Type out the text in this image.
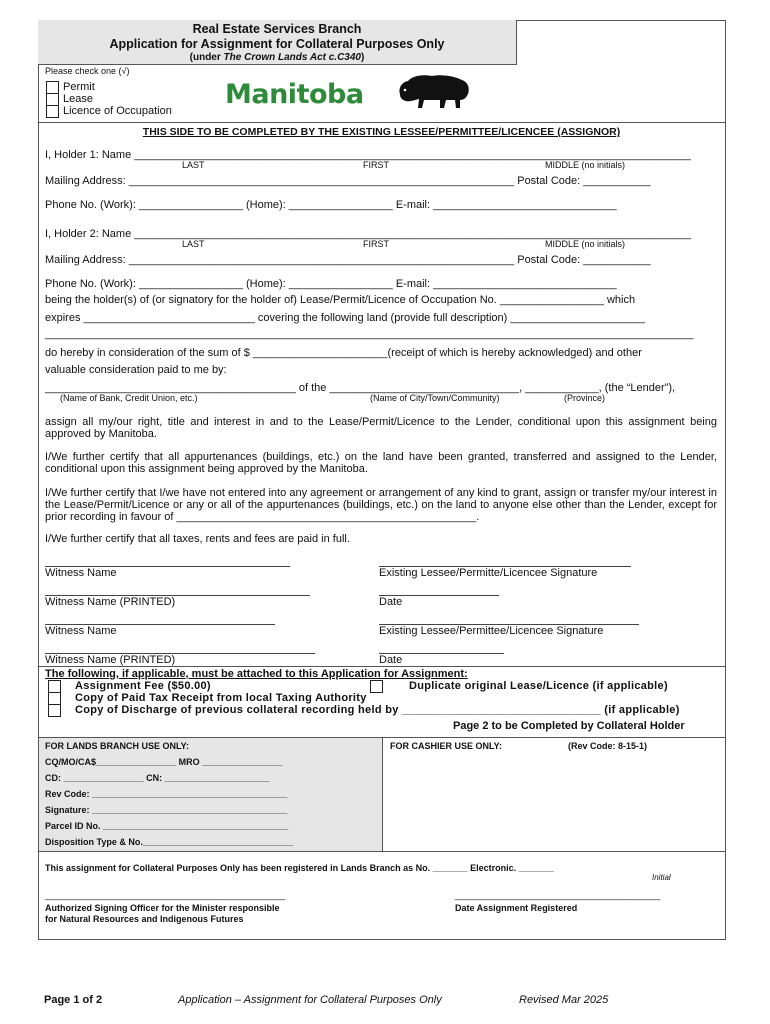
Real Estate Services Branch
Application for Assignment for Collateral Purposes Only
(under The Crown Lands Act c.C340)
Please check one (√)
Permit
Lease
Licence of Occupation
Manitoba
THIS SIDE TO BE COMPLETED BY THE EXISTING LESSEE/PERMITTEE/LICENCEE (ASSIGNOR)
I, Holder 1: Name ___________________________________________________________________________________________
LAST	FIRST	MIDDLE (no initials)
Mailing Address: _______________________________________________________________ Postal Code: ___________
Phone No. (Work): _________________ (Home): _________________ E-mail: ______________________________
I, Holder 2: Name ___________________________________________________________________________________________
LAST	FIRST	MIDDLE (no initials)
Mailing Address: _______________________________________________________________ Postal Code: ___________
Phone No. (Work): _________________ (Home): _________________ E-mail: ______________________________
being the holder(s) of (or signatory for the holder of) Lease/Permit/Licence of Occupation No. _________________ which
expires ____________________________ covering the following land (provide full description) ______________________
__________________________________________________________________________________________________________
do hereby in consideration of the sum of $ ______________________(receipt of which is hereby acknowledged) and other
valuable consideration paid to me by:
_________________________________________ of the _______________________________, ____________, (the “Lender”),
(Name of Bank, Credit Union, etc.)	(Name of City/Town/Community)	(Province)
assign all my/our right, title and interest in and to the Lease/Permit/Licence to the Lender, conditional upon this assignment being approved by Manitoba.
I/We further certify that all appurtenances (buildings, etc.) on the land have been granted, transferred and assigned to the Lender, conditional upon this assignment being approved by the Manitoba.
I/We further certify that I/we have not entered into any agreement or arrangement of any kind to grant, assign or transfer my/our interest in the Lease/Permit/Licence or any or all of the appurtenances (buildings, etc.) on the land to anyone else other than the Lender, except for prior recording in favour of _________________________________________________.
I/We further certify that all taxes, rents and fees are paid in full.
Witness Name	Existing Lessee/Permitte/Licencee Signature
Witness Name (PRINTED)	Date
Witness Name	Existing Lessee/Permittee/Licencee Signature
Witness Name (PRINTED)	Date
The following, if applicable, must be attached to this Application for Assignment:
Assignment Fee ($50.00)	Duplicate original Lease/Licence (if applicable)
Copy of Paid Tax Receipt from local Taxing Authority
Copy of Discharge of previous collateral recording held by _______________________________ (if applicable)
Page 2 to be Completed by Collateral Holder
FOR LANDS BRANCH USE ONLY:
CQ/MO/CA$________________ MRO ________________
CD: ________________ CN: _____________________
Rev Code: _______________________________________
Signature: _______________________________________
Parcel ID No. _____________________________________
Disposition Type & No.______________________________
FOR CASHIER USE ONLY:	(Rev Code: 8-15-1)
This assignment for Collateral Purposes Only has been registered in Lands Branch as No. _______ Electronic. _______
Initial
________________________________________________	_________________________________________
Authorized Signing Officer for the Minister responsible
for Natural Resources and Indigenous Futures
Date Assignment Registered
Page 1 of 2	Application – Assignment for Collateral Purposes Only	Revised Mar 2025
